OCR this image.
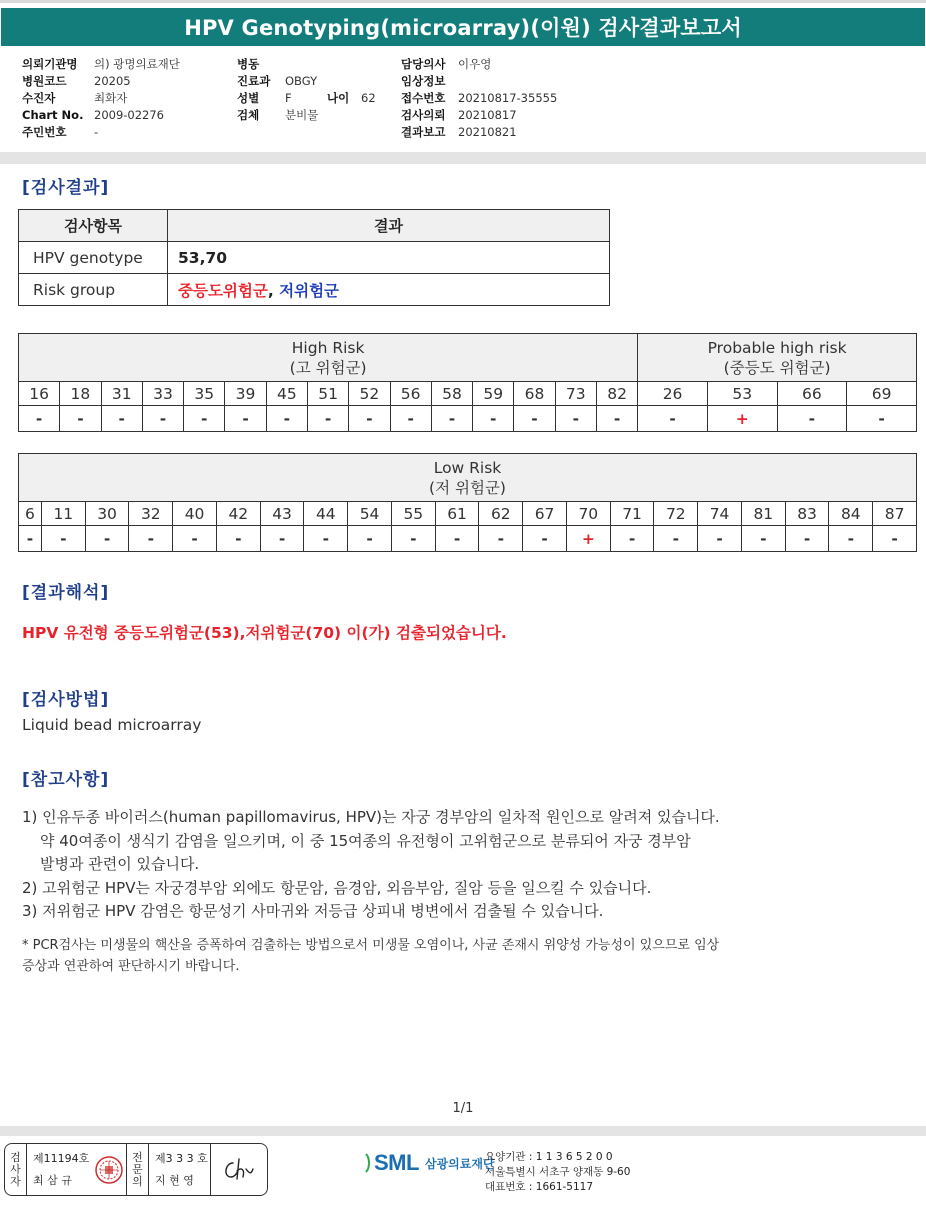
HPV Genotyping(microarray)(이원) 검사결과보고서
의뢰기관명	의) 광명의료재단
병원코드	20205
수진자	최화자
Chart No. 2009-02276
주민번호	-
병동
진료과	OBGY
성별	F	나이	62
검체	분비물
담당의사	이우영
임상정보
접수번호	20210817-35555
검사의뢰	20210817
결과보고	20210821
[검사결과]
검사항목	결과
HPV genotype	53,70
Risk group	중등도위험군, 저위험군
High Risk
(고 위험군)															Probable high risk
(중등도 위험군)			
16	18	31	33	35	39	45	51	52	56	58	59	68	73	82	26	53	66	69
-	-	-	-	-	-	-	-	-	-	-	-	-	-	-	-	+	-	-
Low Risk
(저 위험군)																				
6	11	30	32	40	42	43	44	54	55	61	62	67	70	71	72	74	81	83	84	87
-	-	-	-	-	-	-	-	-	-	-	-	-	+	-	-	-	-	-	-	-
[결과해석]
HPV 유전형 중등도위험군(53),저위험군(70) 이(가) 검출되었습니다.
[검사방법]
Liquid bead microarray
[참고사항]
1) 인유두종 바이러스(human papillomavirus, HPV)는 자궁 경부암의 일차적 원인으로 알려져 있습니다.
약 40여종이 생식기 감염을 일으키며, 이 중 15여종의 유전형이 고위험군으로 분류되어 자궁 경부암
발병과 관련이 있습니다.
2) 고위험군 HPV는 자궁경부암 외에도 항문암, 음경암, 외음부암, 질암 등을 일으킬 수 있습니다.
3) 저위험군 HPV 감염은 항문성기 사마귀와 저등급 상피내 병변에서 검출될 수 있습니다.
* PCR검사는 미생물의 핵산을 증폭하여 검출하는 방법으로서 미생물 오염이나, 사균 존재시 위양성 가능성이 있으므로 임상
증상과 연관하여 판단하시기 바랍니다.
1/1
검
사
자
제11194호
최 삼 규
전
문
의
제3 3 3 호
지 현 영
SML 삼광의료재단
요양기관 : 1 1 3 6 5 2 0 0
서울특별시 서초구 양재동 9-60
대표번호 : 1661-5117
